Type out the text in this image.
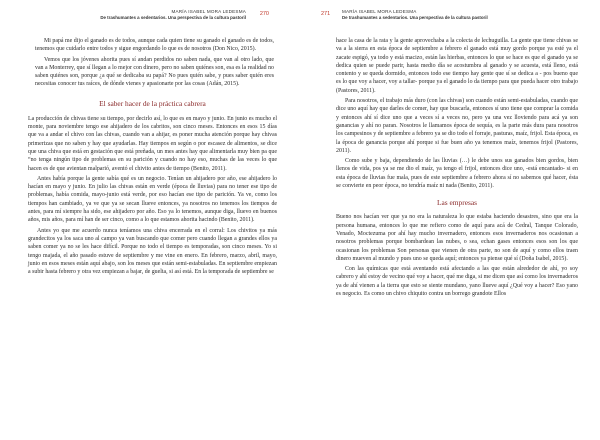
MARÍA ISABEL MORA LEDESMA
De trashumantes a sedentarios. Una perspectiva de la cultura pastoril
270

Mi papá me dijo el ganado es de todos, aunque cada quien tiene su ganado el ganado es de todos, tenemos que cuidarlo entre todos y sigue engordando lo que es de nosotros (Don Nico, 2015).

Vemos que los jóvenes ahorita pues sí andan perdidos no saben nada, que van al otro lado, que van a Monterrey, que sí llegan a lo mejor con dinero, pero no saben quiénes son, esa es la realidad no saben quiénes son, porque ¿a qué se dedicaba su papá? No pues quién sabe, y pues saber quién eres necesitas conocer tus raíces, de dónde vienes y apasionarte por las cosas (Adán, 2015).

El saber hacer de la práctica cabrera

La producción de chivas tiene su tiempo, por decirlo así, lo que es en mayo y junio. En junio es mucho el monte, para noviembre tengo ese ahijadero de los cabritos, son cinco meses. Entonces en esos 15 días que va a andar el chivo con las chivas, cuando van a ahijar, es poner mucha atención porque hay chivas primerizas que no saben y hay que ayudarlas. Hay tiempos en según o por escasez de alimentos, se dice que una chiva que está en gestación que está preñada, un mes antes hay que alimentarla muy bien pa que “no tenga ningún tipo de problemas en su parición y cuando no hay eso, muchas de las veces lo que hacen es de que avientan malparió, aventó el chivito antes de tiempo (Benito, 2011).

Antes había porque la gente sabía qué es un negocio. Tenían un ahijadero por año, ese ahijadero lo hacían en mayo y junio. En julio las chivas están en verde (época de lluvias) para no tener ese tipo de problemas, había comida, mayo-junio está verde, por eso hacían ese tipo de parición. Ya ve, como los tiempos han cambiado, ya ve que ya se secan llueve entonces, ya nosotros no tenemos los tiempos de antes, para mí siempre ha sido, ese ahijadero por año. Eso ya lo tenemos, aunque diga, lluevo en buenos años, mis años, para mí han de ser cinco, como a lo que estamos ahorita hacindo (Benito, 2011).

Antes yo que me acuerdo nunca teníamos una chiva encerrada en el corral: Los chivitos ya más grandecitos ya los saca uno al campo ya van buscando que comer pero cuando llegan a grandes ellos ya saben comer ya no se les hace difícil. Porque no todo el tiempo es temporadas, son cinco meses. Yo si tengo majada, el año pasado estuve de septiembre y me vine en enero. En febrero, marzo, abril, mayo, junio en esos meses están aquí abajo, son los meses que están semi-estabuladas. En septiembre empiezan a subir hasta febrero y otra vez empiezan a bajar, de guelta, si así está. En la temporada de septiembre se

271	MARÍA ISABEL MORA LEDESMA
De trashumantes a sedentarios. Una perspectiva de la cultura pastoril

hace la casa de la rata y la gente aprovechaba a la colecta de lechuguilla. La gente que tiene chivas se va a la sierra en esta época de septiembre a febrero el ganado está muy gordo porque ya esté ya el zacate espigó, ya todo y está macizo, están las hierbas, entonces lo que se hace es que el ganado ya se dedica quien se puede parir, hasta medio día se acostumbra al ganado y se acuesta, está lleno, está contento y se queda dormido, entonces todo ese tiempo hay gente que sí se dedica a - pos bueno que es lo que voy a hacer, voy a tallar- porque ya el ganado lo da tiempo para que pueda hacer otro trabajo (Pastores, 2011).

Para nosotros, el trabajo más duro (con las chivas) son cuando están semi-estabuladas, cuando que dice uno aquí hay que darles de comer, hay que buscarla, entonces sí uno tiene que comprar la comida y entonces ahí sí dice uno que a veces sí a veces no, pero ya una vez lloviendo para acá ya son ganancias y ahí no paran. Nosotros le llamamos época de sequía, es la parte más dura para nosotros los campesinos y de septiembre a febrero ya se dio todo el forraje, pasturas, maíz, frijol. Esta época, es la época de ganancia porque ahí porque si fue buen año ya tenemos maíz, tenemos frijol (Pastores, 2011).

Como sube y baja, dependiendo de las lluvias (…) le debe unos sus ganados bien gordos, bien llenos de vida, pos ya se me dio el maíz, ya tengo el frijol, entonces dice uno, -está encantado- si en esta época de lluvias fue mala, pues de este septiembre a febrero ahora sí no sabemos qué hacer, ésta se convierte en peor época, no tendría maíz ni nada (Benito, 2011).

Las empresas

Bueno nos hacían ver que ya no era la naturaleza lo que estaba haciendo desastres, sino que era la persona humana, entonces lo que me refiero como de aquí para acá de Cedral, Tanque Colorado, Venado, Moctezuma por ahí hay mucho invernadero, entonces esos invernaderos nos ocasionan a nosotros problemas porque bombardean las nubes, o sea, echan gases entonces esos son los que ocasionan los problemas Son personas que vienen de otra parte, no son de aquí y como ellos traen dinero mueven al mundo y pues uno se queda aquí; entonces ya piense qué sí (Doña Isabel, 2015).

Con las químicas que está aventando está afectando a las que están alrededor de ahí, yo soy cabrero y ahí estoy de vecino qué voy a hacer, qué me diga, si me dicen que así como los invernaderos ya de ahí vienen a la tierra que esto se siente mundano, yano llueve aquí ¿Qué voy a hacer? Eso yano es negocio. Es como un chivo chiquito contra un borrego grandote Ellos
